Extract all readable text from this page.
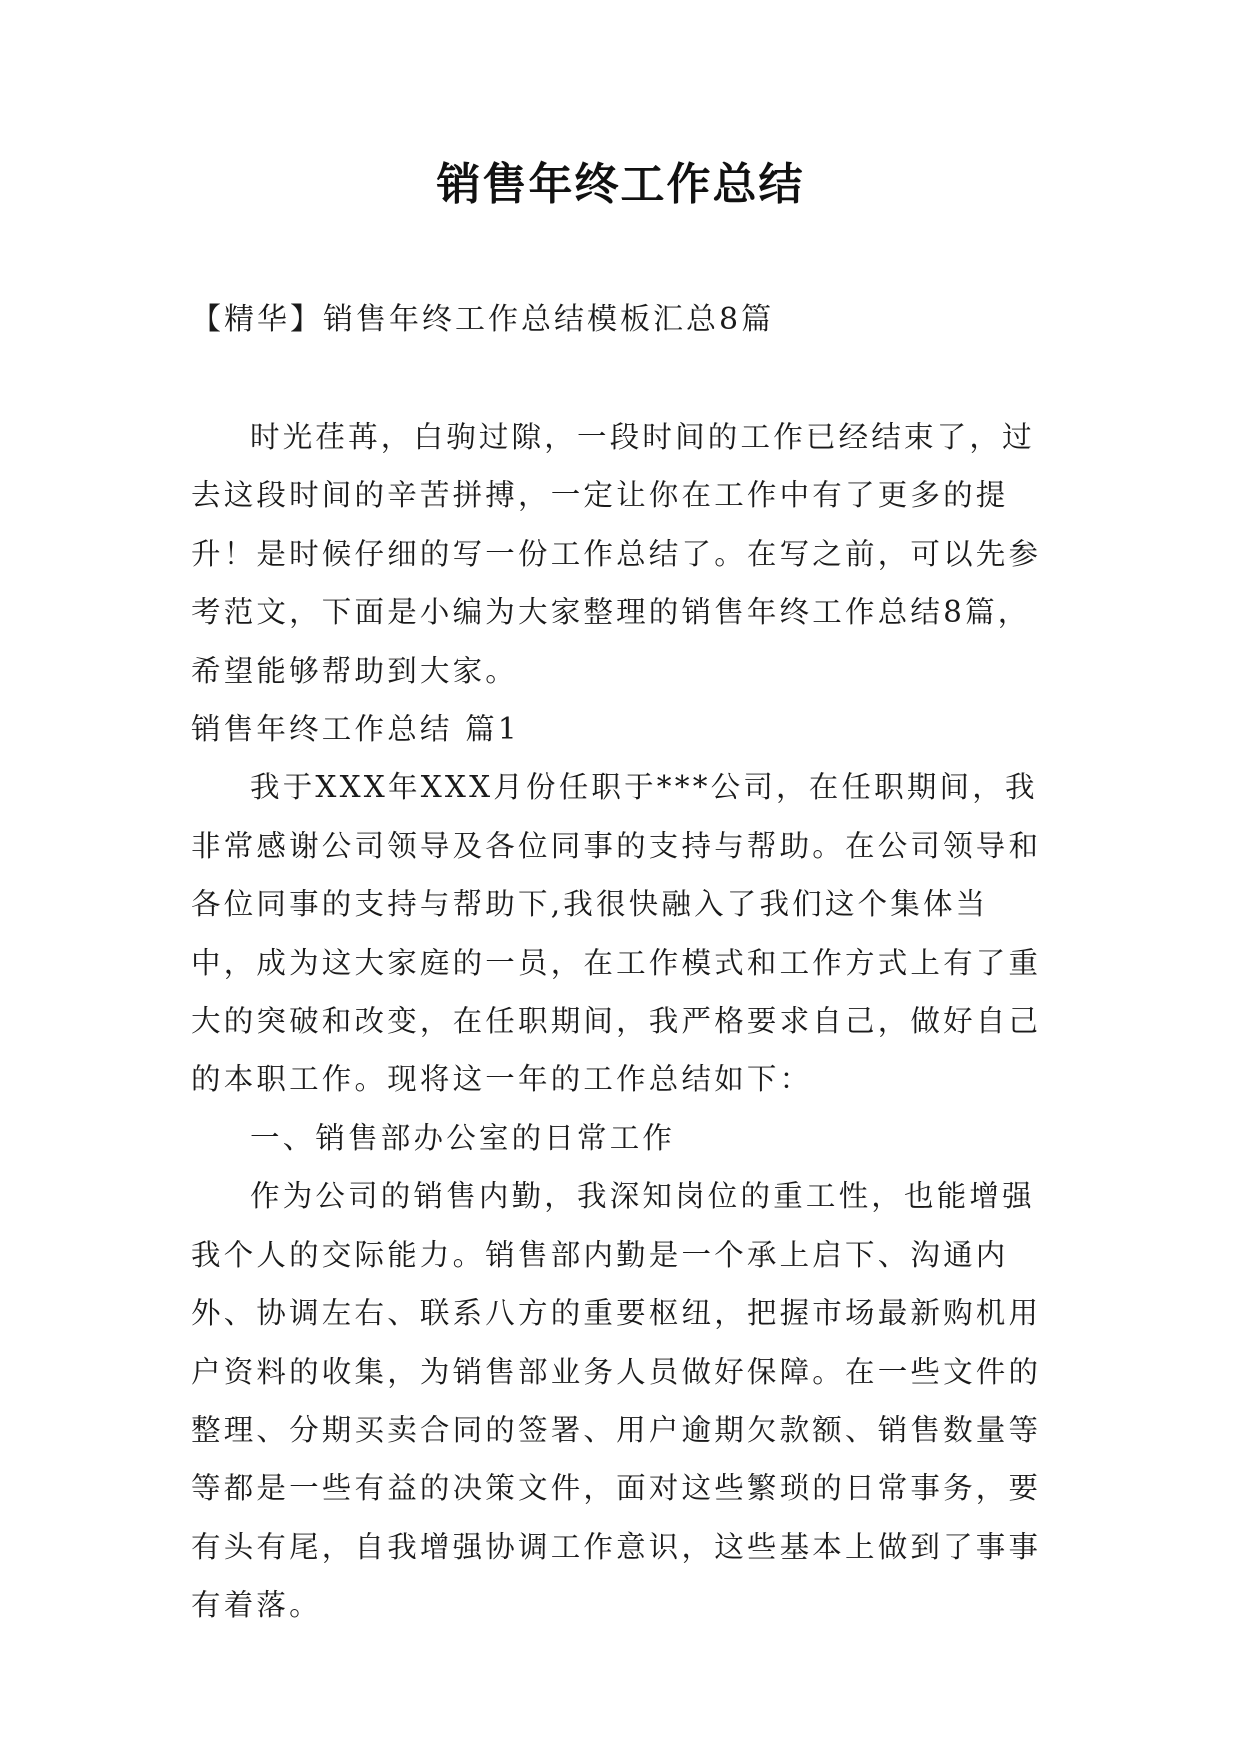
销售年终工作总结

【精华】销售年终工作总结模板汇总8篇

时光荏苒，白驹过隙，一段时间的工作已经结束了，过去这段时间的辛苦拼搏，一定让你在工作中有了更多的提升！是时候仔细的写一份工作总结了。在写之前，可以先参考范文，下面是小编为大家整理的销售年终工作总结8篇，希望能够帮助到大家。

销售年终工作总结 篇1

我于XXX年XXX月份任职于***公司，在任职期间，我非常感谢公司领导及各位同事的支持与帮助。在公司领导和各位同事的支持与帮助下,我很快融入了我们这个集体当中，成为这大家庭的一员，在工作模式和工作方式上有了重大的突破和改变，在任职期间，我严格要求自己，做好自己的本职工作。现将这一年的工作总结如下：

一、销售部办公室的日常工作

作为公司的销售内勤，我深知岗位的重工性，也能增强我个人的交际能力。销售部内勤是一个承上启下、沟通内外、协调左右、联系八方的重要枢纽，把握市场最新购机用户资料的收集，为销售部业务人员做好保障。在一些文件的整理、分期买卖合同的签署、用户逾期欠款额、销售数量等等都是一些有益的决策文件，面对这些繁琐的日常事务，要有头有尾，自我增强协调工作意识，这些基本上做到了事事有着落。
